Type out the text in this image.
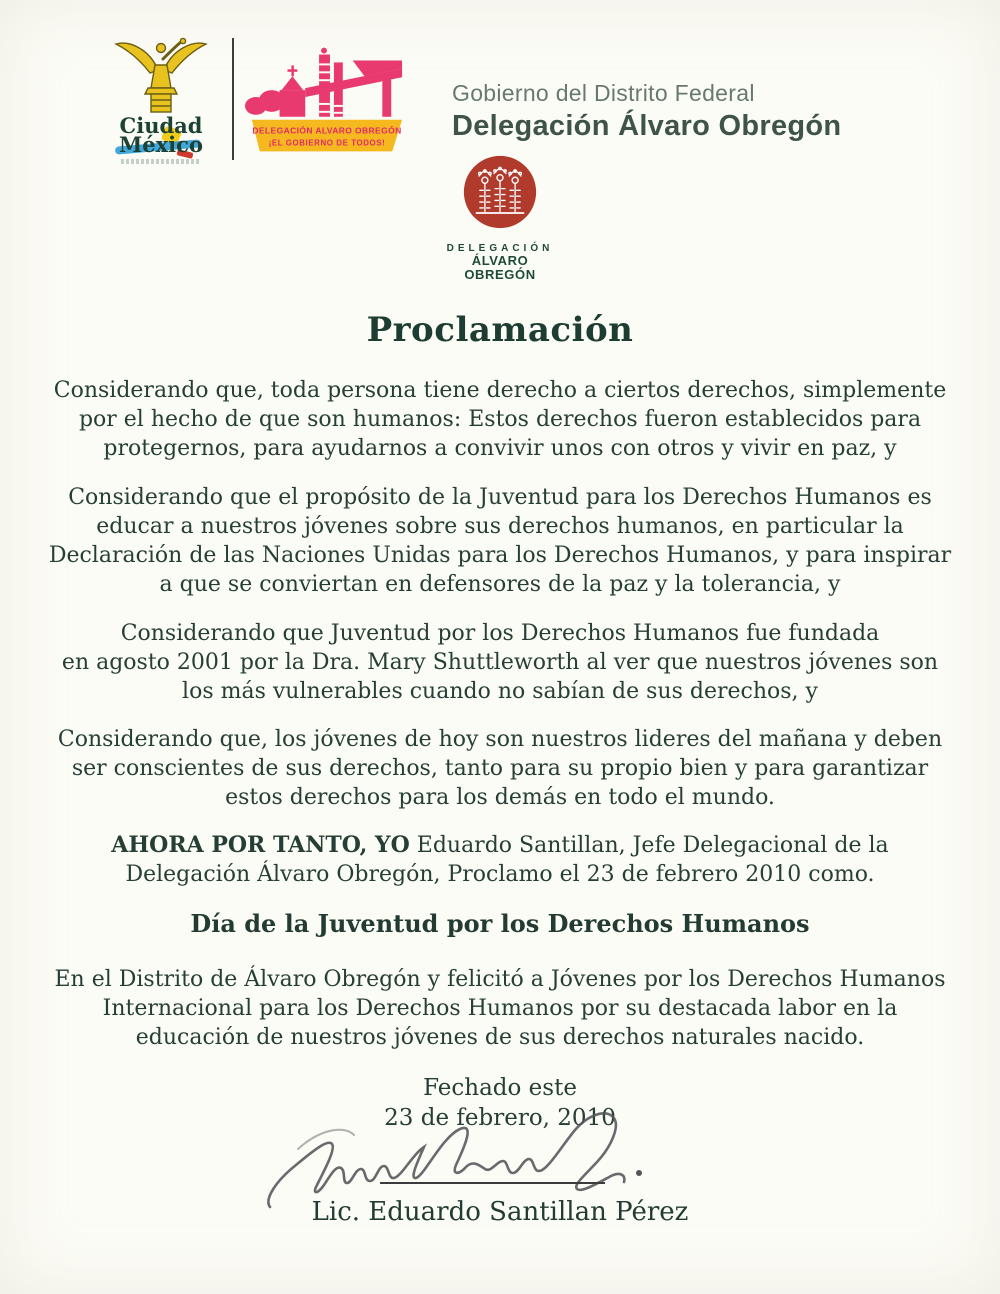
Ciudad
México
DELEGACIÓN ALVARO OBREGÓN
¡EL GOBIERNO DE TODOS!
Gobierno del Distrito Federal
Delegación Álvaro Obregón
DELEGACIÓN
ÁLVARO
OBREGÓN
Proclamación

Considerando que, toda persona tiene derecho a ciertos derechos, simplemente
por el hecho de que son humanos: Estos derechos fueron establecidos para
protegernos, para ayudarnos a convivir unos con otros y vivir en paz, y

Considerando que el propósito de la Juventud para los Derechos Humanos es
educar a nuestros jóvenes sobre sus derechos humanos, en particular la
Declaración de las Naciones Unidas para los Derechos Humanos, y para inspirar
a que se conviertan en defensores de la paz y la tolerancia, y

Considerando que Juventud por los Derechos Humanos fue fundada
en agosto 2001 por la Dra. Mary Shuttleworth al ver que nuestros jóvenes son
los más vulnerables cuando no sabían de sus derechos, y

Considerando que, los jóvenes de hoy son nuestros lideres del mañana y deben
ser conscientes de sus derechos, tanto para su propio bien y para garantizar
estos derechos para los demás en todo el mundo.

AHORA POR TANTO, YO Eduardo Santillan, Jefe Delegacional de la
Delegación Álvaro Obregón, Proclamo el 23 de febrero 2010 como.

Día de la Juventud por los Derechos Humanos

En el Distrito de Álvaro Obregón y felicitó a Jóvenes por los Derechos Humanos
Internacional para los Derechos Humanos por su destacada labor en la
educación de nuestros jóvenes de sus derechos naturales nacido.

Fechado este
23 de febrero, 2010
Lic. Eduardo Santillan Pérez
